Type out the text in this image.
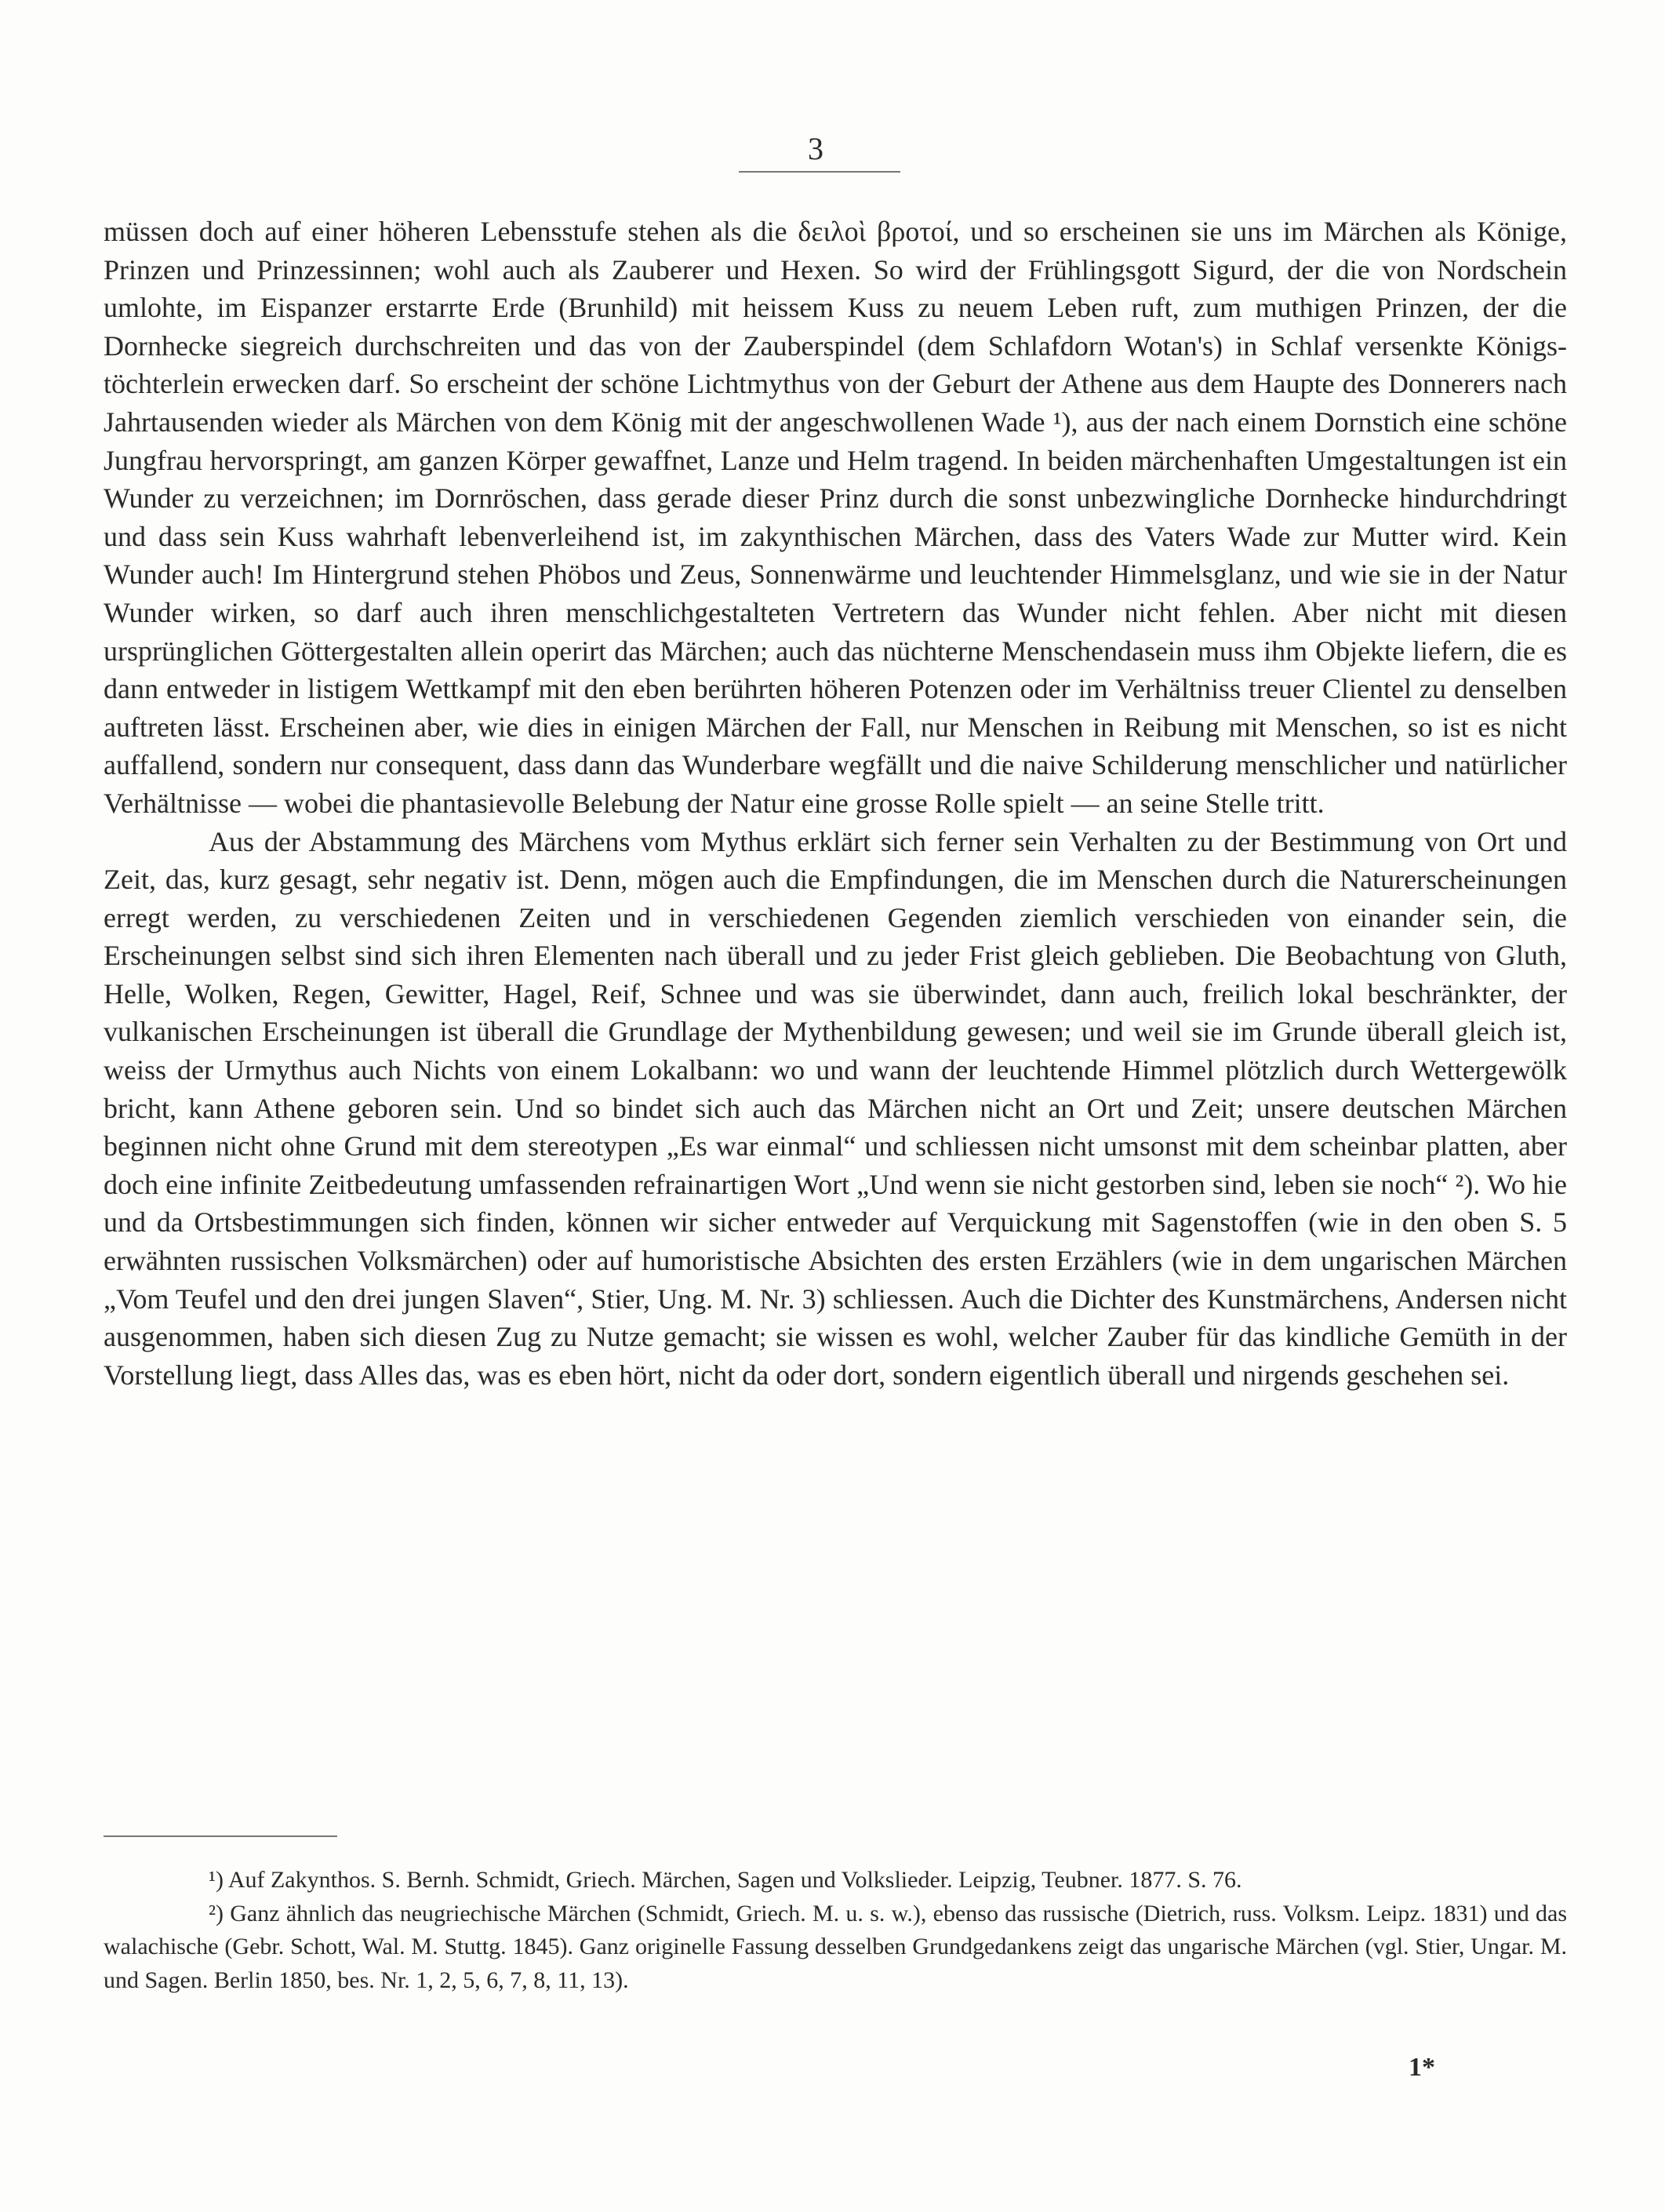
3

müssen doch auf einer höheren Lebensstufe stehen als die δειλοὶ βροτοί, und so erscheinen sie uns im Märchen als Könige, Prinzen und Prinzessinnen; wohl auch als Zauberer und Hexen. So wird der Frühlingsgott Sigurd, der die von Nordschein umlohte, im Eispanzer erstarrte Erde (Brunhild) mit heissem Kuss zu neuem Leben ruft, zum muthigen Prinzen, der die Dornhecke siegreich durchschreiten und das von der Zauberspindel (dem Schlafdorn Wotan's) in Schlaf versenkte Königstöchterlein erwecken darf. So erscheint der schöne Lichtmythus von der Geburt der Athene aus dem Haupte des Donnerers nach Jahrtausenden wieder als Märchen von dem König mit der angeschwollenen Wade ¹), aus der nach einem Dornstich eine schöne Jungfrau hervorspringt, am ganzen Körper gewaffnet, Lanze und Helm tragend. In beiden märchenhaften Umgestaltungen ist ein Wunder zu verzeichnen; im Dornröschen, dass gerade dieser Prinz durch die sonst unbezwingliche Dornhecke hindurchdringt und dass sein Kuss wahrhaft lebenverleihend ist, im zakynthischen Märchen, dass des Vaters Wade zur Mutter wird. Kein Wunder auch! Im Hintergrund stehen Phöbos und Zeus, Sonnenwärme und leuchtender Himmelsglanz, und wie sie in der Natur Wunder wirken, so darf auch ihren menschlichgestalteten Vertretern das Wunder nicht fehlen. Aber nicht mit diesen ursprünglichen Göttergestalten allein operirt das Märchen; auch das nüchterne Menschendasein muss ihm Objekte liefern, die es dann entweder in listigem Wettkampf mit den eben berührten höheren Potenzen oder im Verhältniss treuer Clientel zu denselben auftreten lässt. Erscheinen aber, wie dies in einigen Märchen der Fall, nur Menschen in Reibung mit Menschen, so ist es nicht auffallend, sondern nur consequent, dass dann das Wunderbare wegfällt und die naive Schilderung menschlicher und natürlicher Verhältnisse — wobei die phantasievolle Belebung der Natur eine grosse Rolle spielt — an seine Stelle tritt.

Aus der Abstammung des Märchens vom Mythus erklärt sich ferner sein Verhalten zu der Bestimmung von Ort und Zeit, das, kurz gesagt, sehr negativ ist. Denn, mögen auch die Empfindungen, die im Menschen durch die Naturerscheinungen erregt werden, zu verschiedenen Zeiten und in verschiedenen Gegenden ziemlich verschieden von einander sein, die Erscheinungen selbst sind sich ihren Elementen nach überall und zu jeder Frist gleich geblieben. Die Beobachtung von Gluth, Helle, Wolken, Regen, Gewitter, Hagel, Reif, Schnee und was sie überwindet, dann auch, freilich lokal beschränkter, der vulkanischen Erscheinungen ist überall die Grundlage der Mythenbildung gewesen; und weil sie im Grunde überall gleich ist, weiss der Urmythus auch Nichts von einem Lokalbann: wo und wann der leuchtende Himmel plötzlich durch Wettergewölk bricht, kann Athene geboren sein. Und so bindet sich auch das Märchen nicht an Ort und Zeit; unsere deutschen Märchen beginnen nicht ohne Grund mit dem stereotypen „Es war einmal“ und schliessen nicht umsonst mit dem scheinbar platten, aber doch eine infinite Zeitbedeutung umfassenden refrainartigen Wort „Und wenn sie nicht gestorben sind, leben sie noch“ ²). Wo hie und da Ortsbestimmungen sich finden, können wir sicher entweder auf Verquickung mit Sagenstoffen (wie in den oben S. 5 erwähnten russischen Volksmärchen) oder auf humoristische Absichten des ersten Erzählers (wie in dem ungarischen Märchen „Vom Teufel und den drei jungen Slaven“, Stier, Ung. M. Nr. 3) schliessen. Auch die Dichter des Kunstmärchens, Andersen nicht ausgenommen, haben sich diesen Zug zu Nutze gemacht; sie wissen es wohl, welcher Zauber für das kindliche Gemüth in der Vorstellung liegt, dass Alles das, was es eben hört, nicht da oder dort, sondern eigentlich überall und nirgends geschehen sei.

¹) Auf Zakynthos. S. Bernh. Schmidt, Griech. Märchen, Sagen und Volkslieder. Leipzig, Teubner. 1877. S. 76.

²) Ganz ähnlich das neugriechische Märchen (Schmidt, Griech. M. u. s. w.), ebenso das russische (Dietrich, russ. Volksm. Leipz. 1831) und das walachische (Gebr. Schott, Wal. M. Stuttg. 1845). Ganz originelle Fassung desselben Grundgedankens zeigt das ungarische Märchen (vgl. Stier, Ungar. M. und Sagen. Berlin 1850, bes. Nr. 1, 2, 5, 6, 7, 8, 11, 13).

1*
